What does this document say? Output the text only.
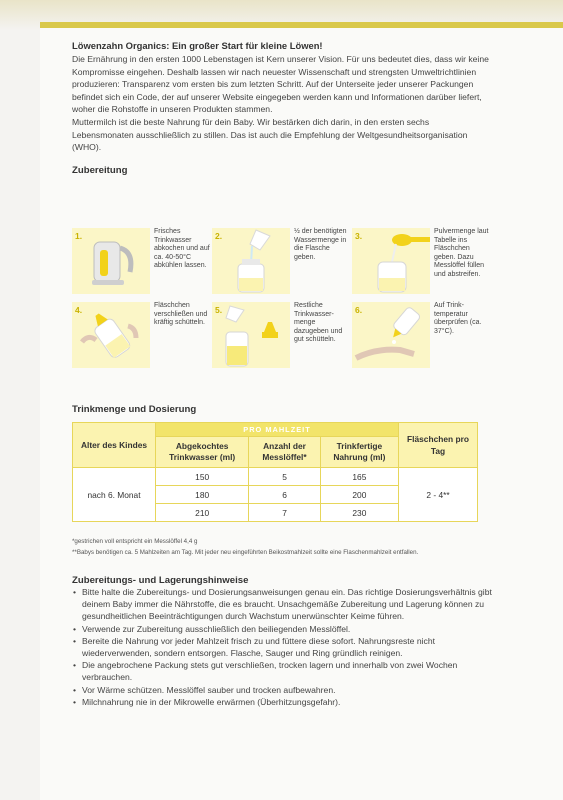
Löwenzahn Organics: Ein großer Start für kleine Löwen!

Die Ernährung in den ersten 1000 Lebenstagen ist Kern unserer Vision. Für uns bedeutet dies, dass wir keine Kompromisse eingehen. Deshalb lassen wir nach neuester Wissenschaft und strengsten Umweltrichtlinien produzieren: Transparenz vom ersten bis zum letzten Schritt. Auf der Unterseite jeder unserer Packungen befindet sich ein Code, der auf unserer Website eingegeben werden kann und Informationen darüber liefert, woher die Rohstoffe in unseren Produkten stammen.

Muttermilch ist die beste Nahrung für dein Baby. Wir bestärken dich darin, in den ersten sechs Lebensmonaten ausschließlich zu stillen. Das ist auch die Empfehlung der Weltgesundheitsorganisation (WHO).

Zubereitung
1.	Frisches Trinkwasser abkochen und auf ca. 40-50°C abkühlen lassen.
2.	½ der benötigten Wassermenge in die Flasche geben.
3.	Pulvermenge laut Tabelle ins Fläschchen geben. Dazu Messlöffel füllen und abstreifen.
4.	Fläschchen verschließen und kräftig schütteln.
5.	Restliche Trinkwasser-menge dazugeben und gut schütteln.
6.	Auf Trink-temperatur überprüfen (ca. 37°C).
Trinkmenge und Dosierung
Alter des Kindes	PRO MAHLZEIT			Fläschchen pro Tag
	Abgekochtes Trinkwasser (ml)	Anzahl der Messlöffel*	Trinkfertige Nahrung (ml)	
nach 6. Monat	150	5	165	2 - 4**
	180	6	200	
	210	7	230	
*gestrichen voll entspricht ein Messlöffel 4,4 g
**Babys benötigen ca. 5 Mahlzeiten am Tag. Mit jeder neu eingeführten Beikostmahlzeit sollte eine Flaschenmahlzeit entfallen.
Zubereitungs- und Lagerungshinweise
• Bitte halte die Zubereitungs- und Dosierungsanweisungen genau ein. Das richtige Dosierungsverhältnis gibt deinem Baby immer die Nährstoffe, die es braucht. Unsachgemäße Zubereitung und Lagerung können zu gesundheitlichen Beeinträchtigungen durch Wachstum unerwünschter Keime führen.
• Verwende zur Zubereitung ausschließlich den beiliegenden Messlöffel.
• Bereite die Nahrung vor jeder Mahlzeit frisch zu und füttere diese sofort. Nahrungsreste nicht wiederverwenden, sondern entsorgen. Flasche, Sauger und Ring gründlich reinigen.
• Die angebrochene Packung stets gut verschließen, trocken lagern und innerhalb von zwei Wochen verbrauchen.
• Vor Wärme schützen. Messlöffel sauber und trocken aufbewahren.
• Milchnahrung nie in der Mikrowelle erwärmen (Überhitzungsgefahr).
